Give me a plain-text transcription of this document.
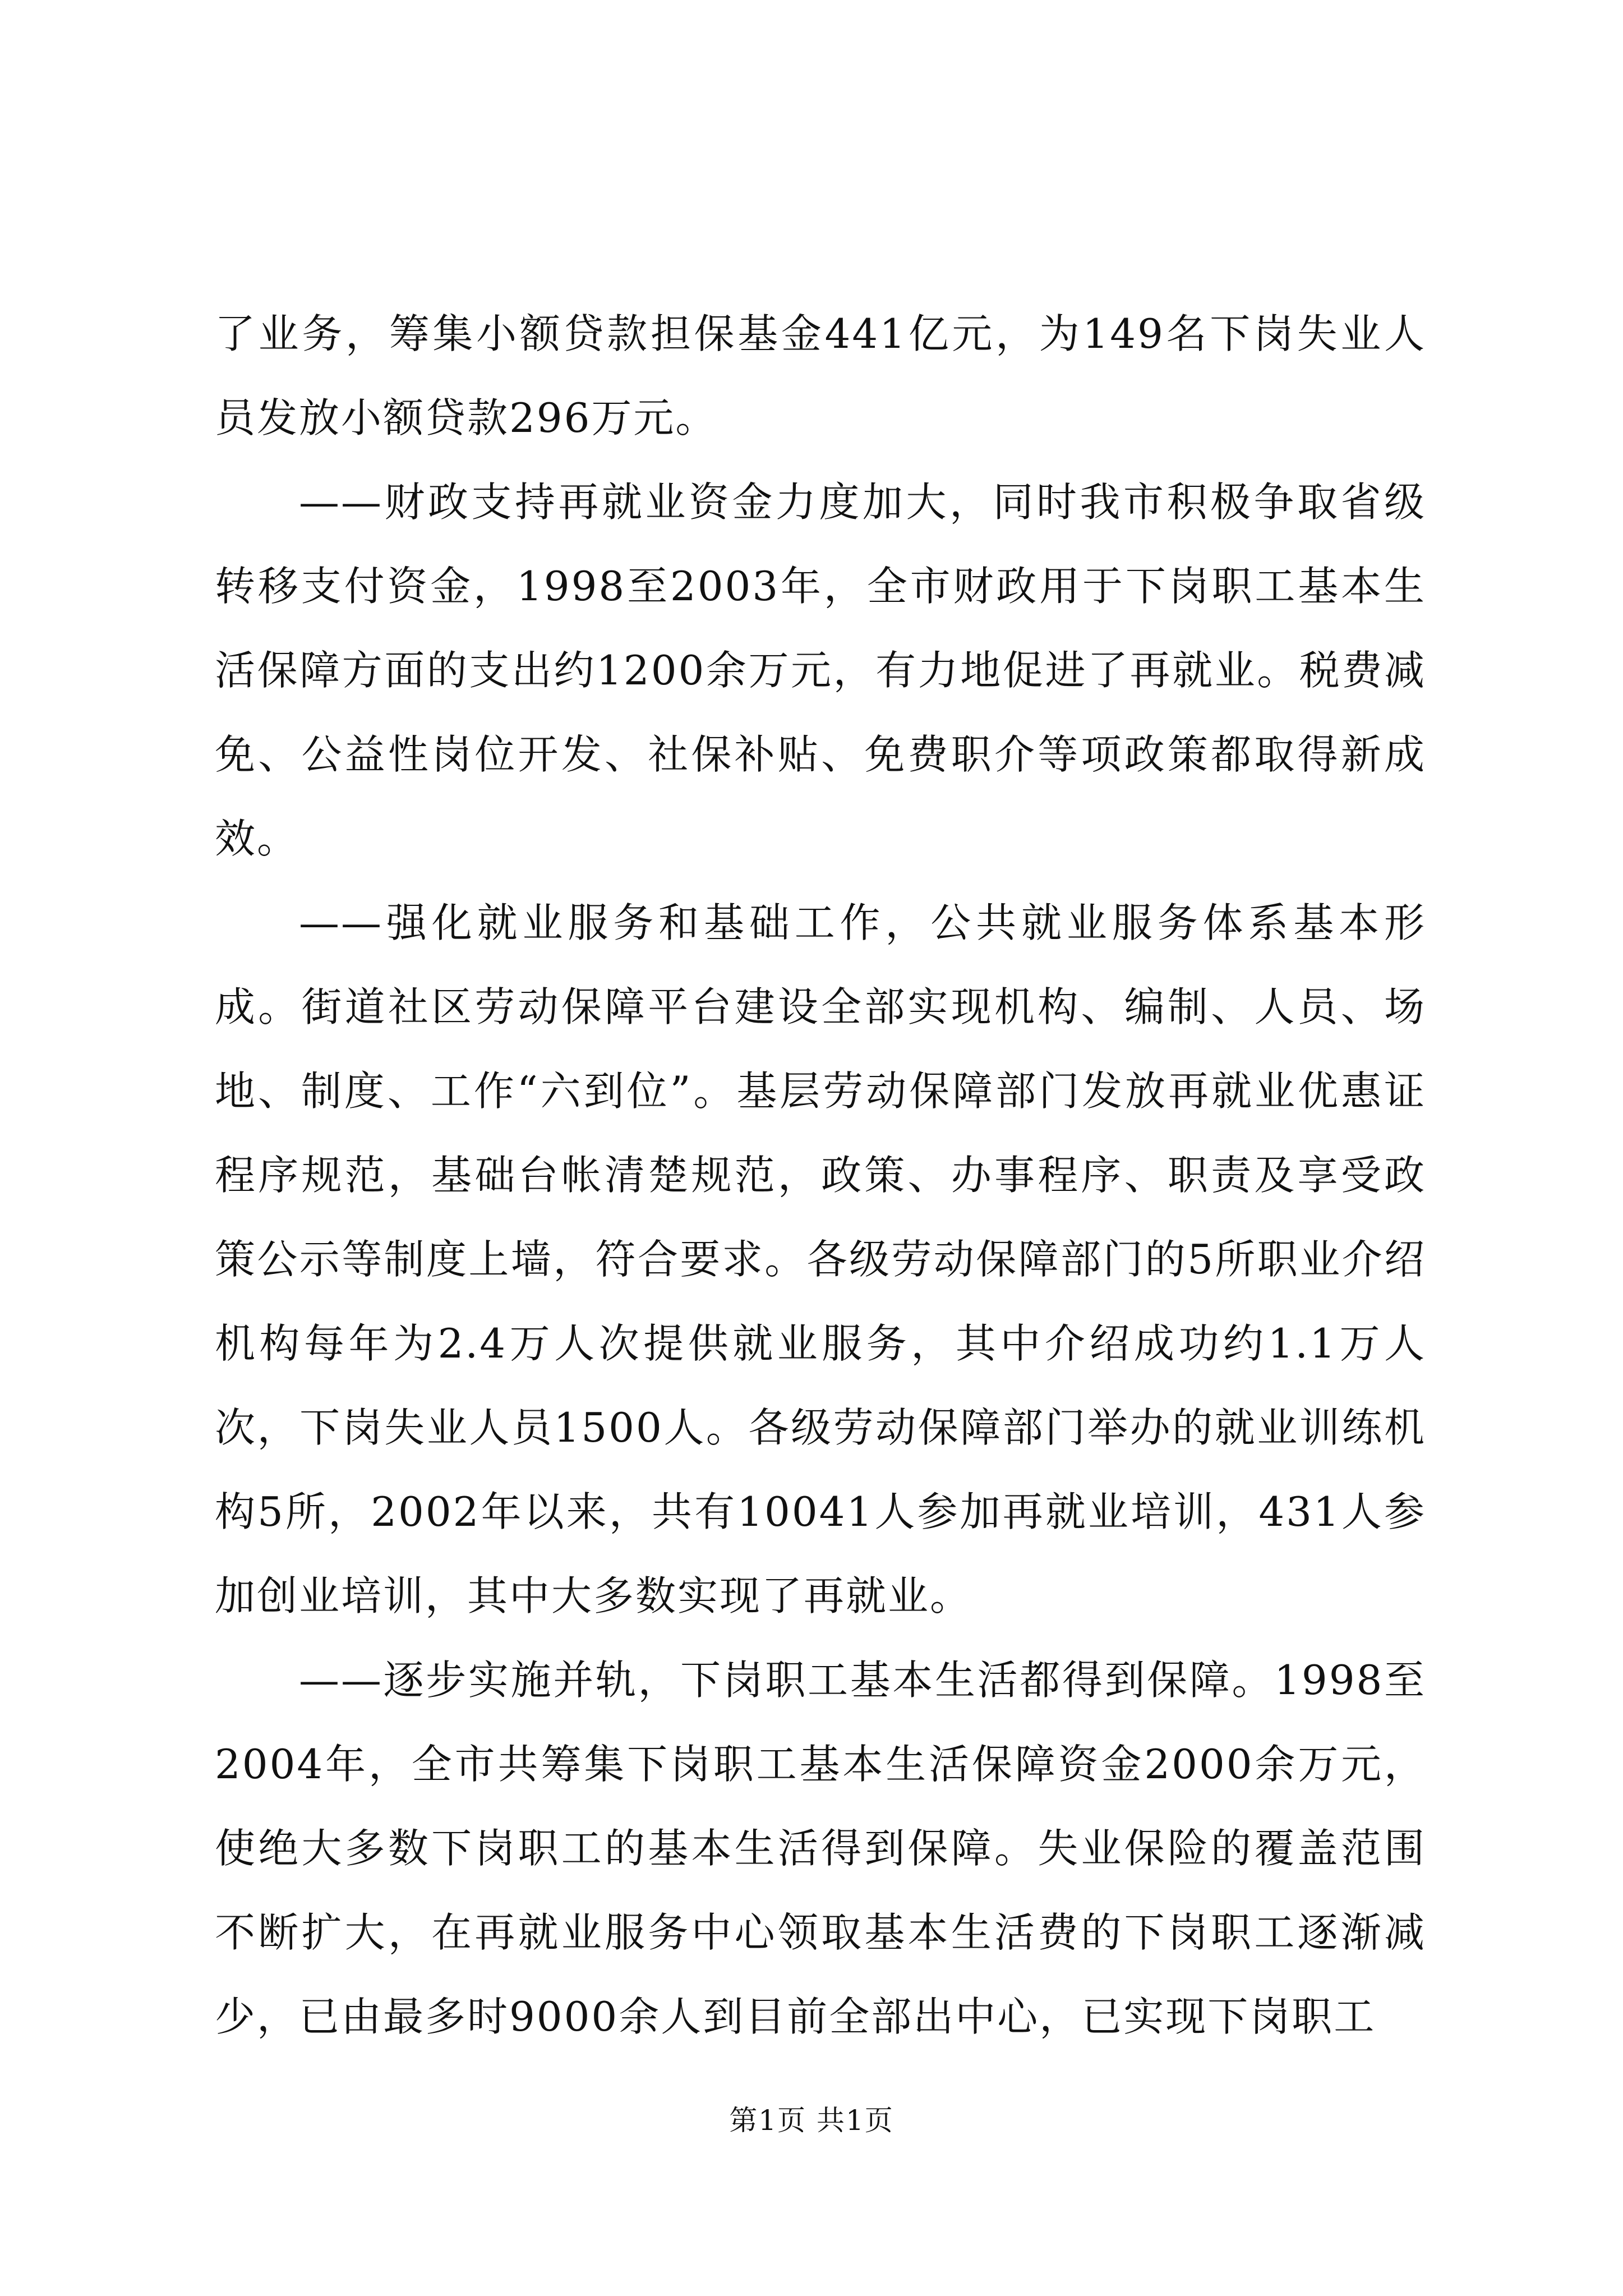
了业务，筹集小额贷款担保基金441亿元，为149名下岗失业人员发放小额贷款296万元。

——财政支持再就业资金力度加大，同时我市积极争取省级转移支付资金，1998至2003年，全市财政用于下岗职工基本生活保障方面的支出约1200余万元，有力地促进了再就业。税费减免、公益性岗位开发、社保补贴、免费职介等项政策都取得新成效。

——强化就业服务和基础工作，公共就业服务体系基本形成。街道社区劳动保障平台建设全部实现机构、编制、人员、场地、制度、工作“六到位”。基层劳动保障部门发放再就业优惠证程序规范，基础台帐清楚规范，政策、办事程序、职责及享受政策公示等制度上墙，符合要求。各级劳动保障部门的5所职业介绍机构每年为2.4万人次提供就业服务，其中介绍成功约1.1万人次，下岗失业人员1500人。各级劳动保障部门举办的就业训练机构5所，2002年以来，共有10041人参加再就业培训，431人参加创业培训，其中大多数实现了再就业。

——逐步实施并轨，下岗职工基本生活都得到保障。1998至2004年，全市共筹集下岗职工基本生活保障资金2000余万元，使绝大多数下岗职工的基本生活得到保障。失业保险的覆盖范围不断扩大，在再就业服务中心领取基本生活费的下岗职工逐渐减少，已由最多时9000余人到目前全部出中心，已实现下岗职工

第1页 共1页
